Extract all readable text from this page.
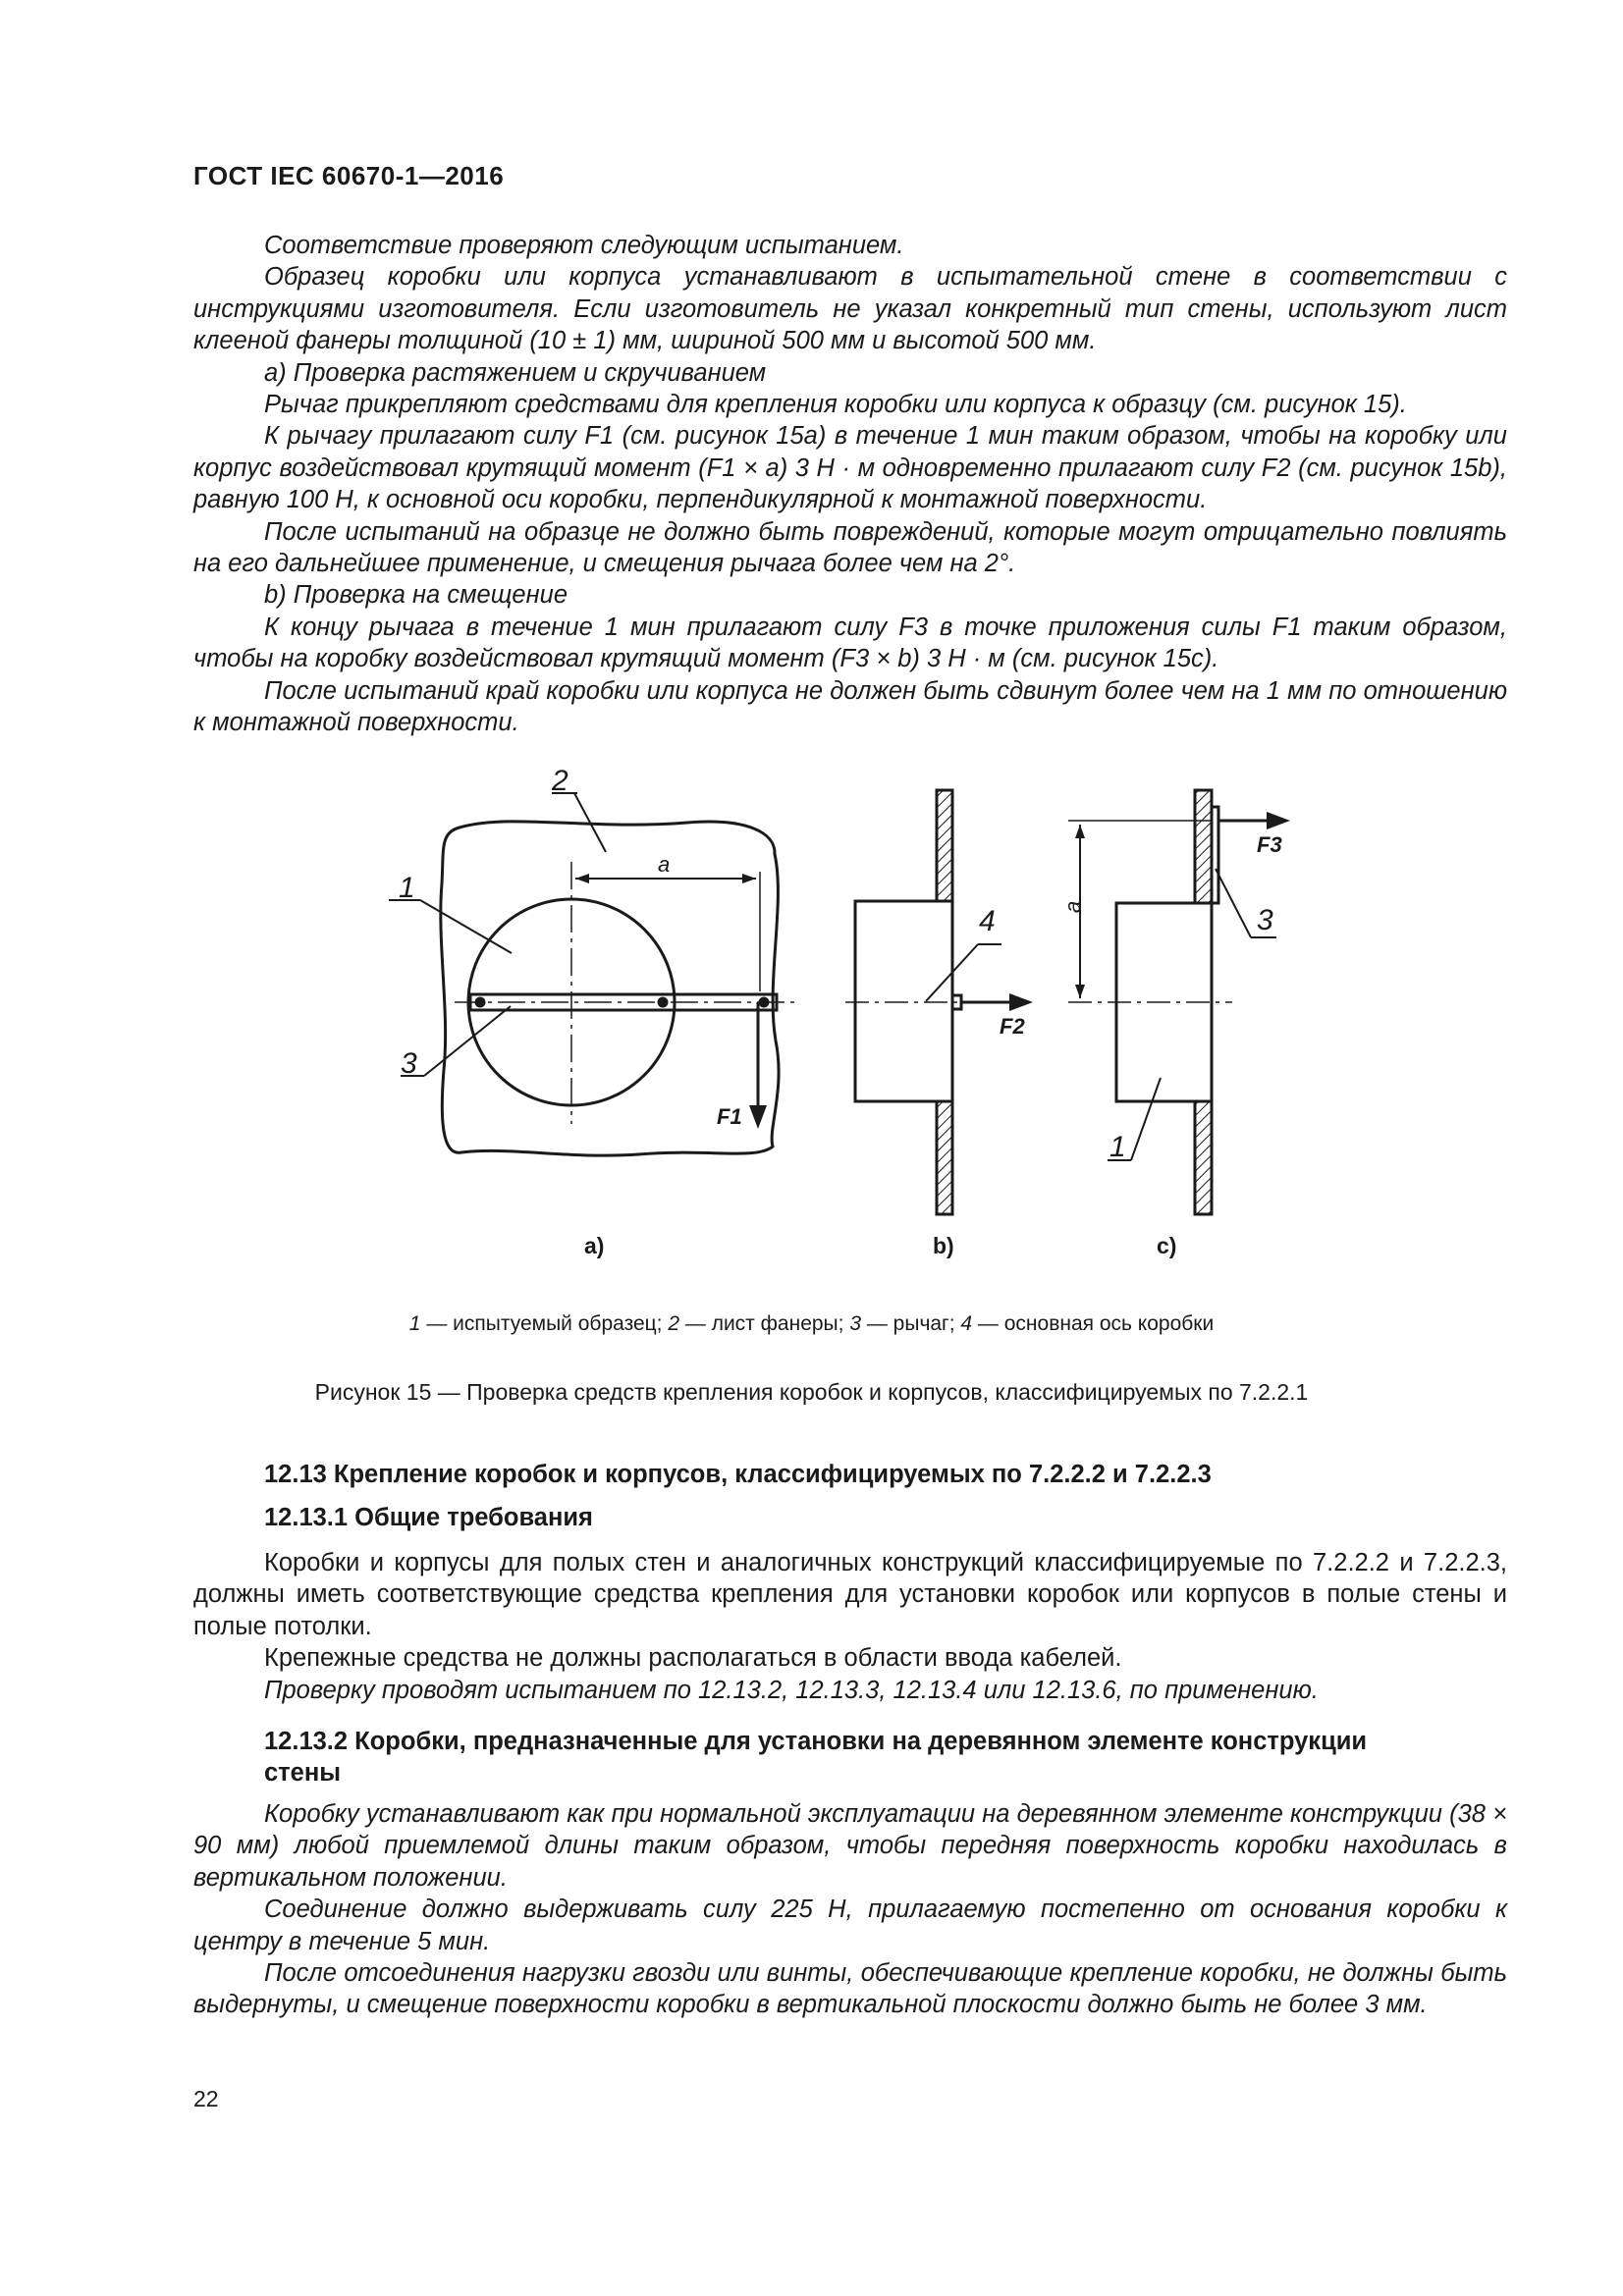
ГОСТ IEC 60670-1—2016

Соответствие проверяют следующим испытанием.

Образец коробки или корпуса устанавливают в испытательной стене в соответствии с инструкциями изготовителя. Если изготовитель не указал конкретный тип стены, используют лист клееной фанеры толщиной (10 ± 1) мм, шириной 500 мм и высотой 500 мм.

a) Проверка растяжением и скручиванием

Рычаг прикрепляют средствами для крепления коробки или корпуса к образцу (см. рисунок 15).

К рычагу прилагают силу F1 (см. рисунок 15a) в течение 1 мин таким образом, чтобы на коробку или корпус воздействовал крутящий момент (F1 × a) 3 Н · м одновременно прилагают силу F2 (см. рисунок 15b), равную 100 Н, к основной оси коробки, перпендикулярной к монтажной поверхности.

После испытаний на образце не должно быть повреждений, которые могут отрицательно повлиять на его дальнейшее применение, и смещения рычага более чем на 2°.

b) Проверка на смещение

К концу рычага в течение 1 мин прилагают силу F3 в точке приложения силы F1 таким образом, чтобы на коробку воздействовал крутящий момент (F3 × b) 3 Н · м (см. рисунок 15с).

После испытаний край коробки или корпуса не должен быть сдвинут более чем на 1 мм по отношению к монтажной поверхности.

1
2
3
a
F1
4
F2
3
1
F3
a
а)	b)	c)
1 — испытуемый образец; 2 — лист фанеры; 3 — рычаг; 4 — основная ось коробки
Рисунок 15 — Проверка средств крепления коробок и корпусов, классифицируемых по 7.2.2.1
12.13 Крепление коробок и корпусов, классифицируемых по 7.2.2.2 и 7.2.2.3
12.13.1 Общие требования

Коробки и корпусы для полых стен и аналогичных конструкций классифицируемые по 7.2.2.2 и 7.2.2.3, должны иметь соответствующие средства крепления для установки коробок или корпусов в полые стены и полые потолки.

Крепежные средства не должны располагаться в области ввода кабелей.

Проверку проводят испытанием по 12.13.2, 12.13.3, 12.13.4 или 12.13.6, по применению.

12.13.2 Коробки, предназначенные для установки на деревянном элементе конструкции
стены

Коробку устанавливают как при нормальной эксплуатации на деревянном элементе конструкции (38 × 90 мм) любой приемлемой длины таким образом, чтобы передняя поверхность коробки находилась в вертикальном положении.

Соединение должно выдерживать силу 225 Н, прилагаемую постепенно от основания коробки к центру в течение 5 мин.

После отсоединения нагрузки гвозди или винты, обеспечивающие крепление коробки, не должны быть выдернуты, и смещение поверхности коробки в вертикальной плоскости должно быть не более 3 мм.

22
